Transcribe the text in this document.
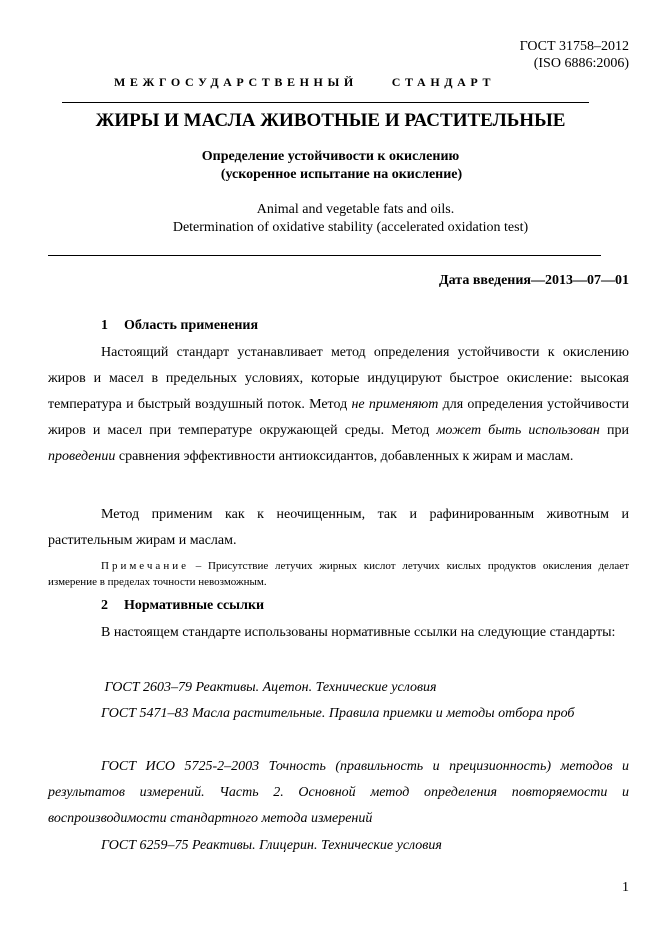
ГОСТ 31758–2012
(ISO 6886:2006)
МЕЖГОСУДАРСТВЕННЫЙ	СТАНДАРТ
ЖИРЫ И МАСЛА ЖИВОТНЫЕ И РАСТИТЕЛЬНЫЕ
Определение устойчивости к окислению
(ускоренное испытание на окисление)
Animal and vegetable fats and oils.
Determination of oxidative stability (accelerated oxidation test)
Дата введения—2013—07—01
1 Область применения
Настоящий стандарт устанавливает метод определения устойчивости к окислению жиров и масел в предельных условиях, которые индуцируют быстрое окисление: высокая температура и быстрый воздушный поток. Метод не применяют для определения устойчивости жиров и масел при температуре окружающей среды. Метод может быть использован при проведении сравнения эффективности антиоксидантов, добавленных к жирам и маслам.
Метод применим как к неочищенным, так и рафинированным животным и растительным жирам и маслам.
Примечание – Присутствие летучих жирных кислот летучих кислых продуктов окисления делает измерение в пределах точности невозможным.
2 Нормативные ссылки
В настоящем стандарте использованы нормативные ссылки на следующие стандарты:
ГОСТ 2603–79 Реактивы. Ацетон. Технические условия
ГОСТ 5471–83 Масла растительные. Правила приемки и методы отбора проб
ГОСТ ИСО 5725-2–2003 Точность (правильность и прецизионность) методов и результатов измерений. Часть 2. Основной метод определения повторяемости и воспроизводимости стандартного метода измерений
ГОСТ 6259–75 Реактивы. Глицерин. Технические условия
1
